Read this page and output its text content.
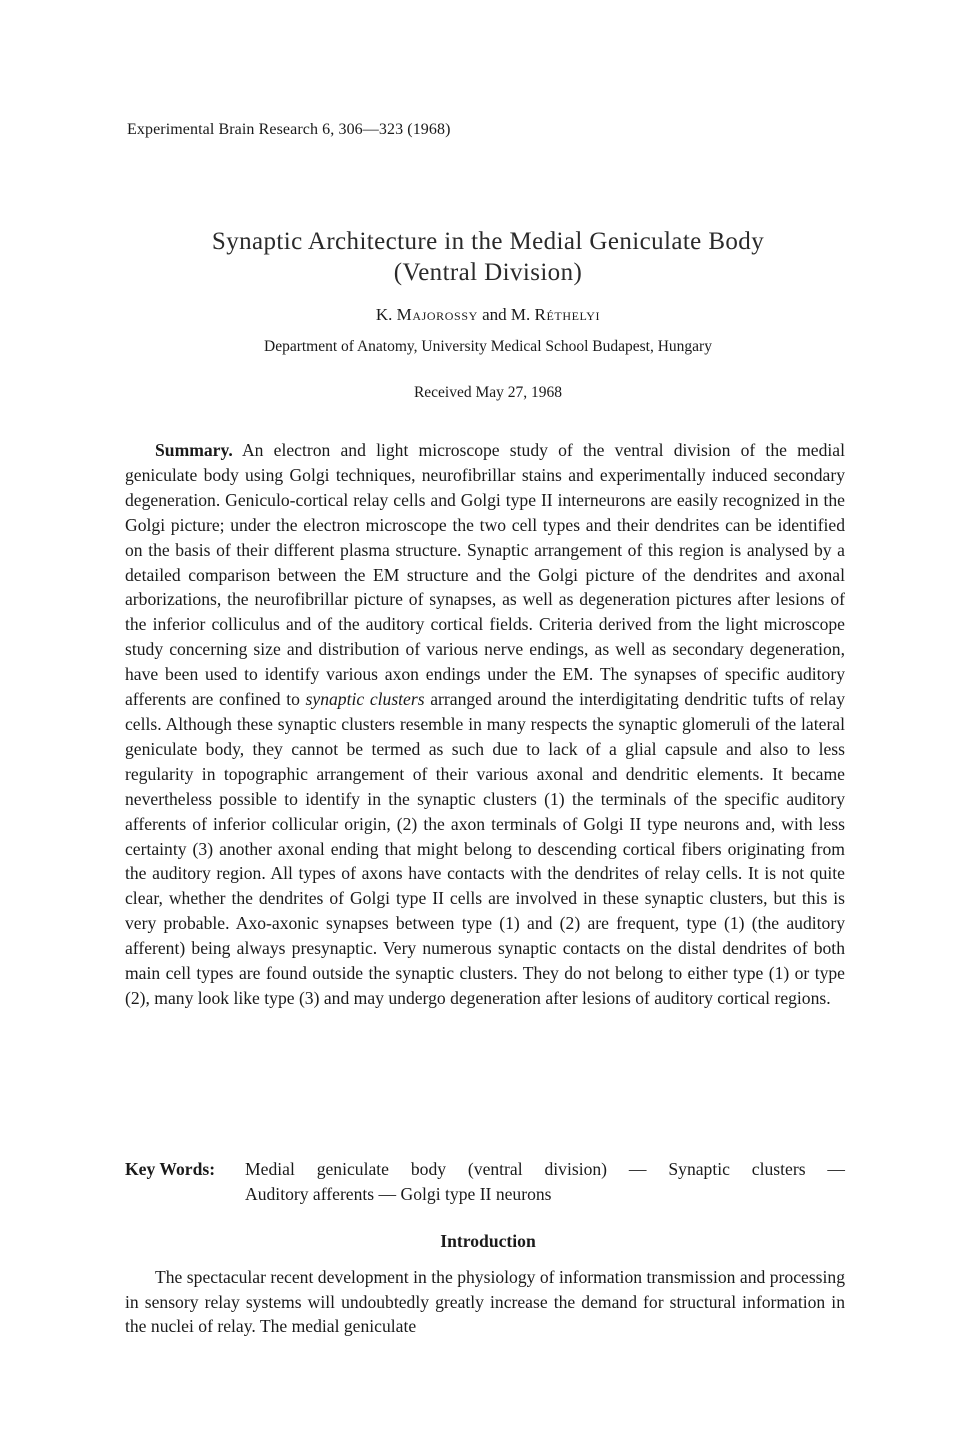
Experimental Brain Research 6, 306—323 (1968)
Synaptic Architecture in the Medial Geniculate Body
(Ventral Division)
K. Majorossy and M. Réthelyi
Department of Anatomy, University Medical School Budapest, Hungary
Received May 27, 1968

Summary. An electron and light microscope study of the ventral division of the medial geniculate body using Golgi techniques, neurofibrillar stains and experimentally induced secondary degeneration. Geniculo-cortical relay cells and Golgi type II interneurons are easily recognized in the Golgi picture; under the electron microscope the two cell types and their dendrites can be identified on the basis of their different plasma structure. Synaptic arrangement of this region is analysed by a detailed comparison between the EM structure and the Golgi picture of the dendrites and axonal arborizations, the neurofibrillar picture of synapses, as well as degeneration pictures after lesions of the inferior colliculus and of the auditory cortical fields. Criteria derived from the light microscope study concerning size and distribution of various nerve endings, as well as secondary degeneration, have been used to identify various axon endings under the EM. The synapses of specific auditory afferents are confined to synaptic clusters arranged around the interdigitating dendritic tufts of relay cells. Although these synaptic clusters resemble in many respects the synaptic glomeruli of the lateral geniculate body, they cannot be termed as such due to lack of a glial capsule and also to less regularity in topographic arrangement of their various axonal and dendritic elements. It became nevertheless possible to identify in the synaptic clusters (1) the terminals of the specific auditory afferents of inferior collicular origin, (2) the axon terminals of Golgi II type neurons and, with less certainty (3) another axonal ending that might belong to descending cortical fibers originating from the auditory region. All types of axons have contacts with the dendrites of relay cells. It is not quite clear, whether the dendrites of Golgi type II cells are involved in these synaptic clusters, but this is very probable. Axo-axonic synapses between type (1) and (2) are frequent, type (1) (the auditory afferent) being always presynaptic. Very numerous synaptic contacts on the distal dendrites of both main cell types are found outside the synaptic clusters. They do not belong to either type (1) or type (2), many look like type (3) and may undergo degeneration after lesions of auditory cortical regions.

Key Words:	Medial geniculate body (ventral division) — Synaptic clusters —
Auditory afferents — Golgi type II neurons
Introduction

The spectacular recent development in the physiology of information transmission and processing in sensory relay systems will undoubtedly greatly increase the demand for structural information in the nuclei of relay. The medial geniculate
